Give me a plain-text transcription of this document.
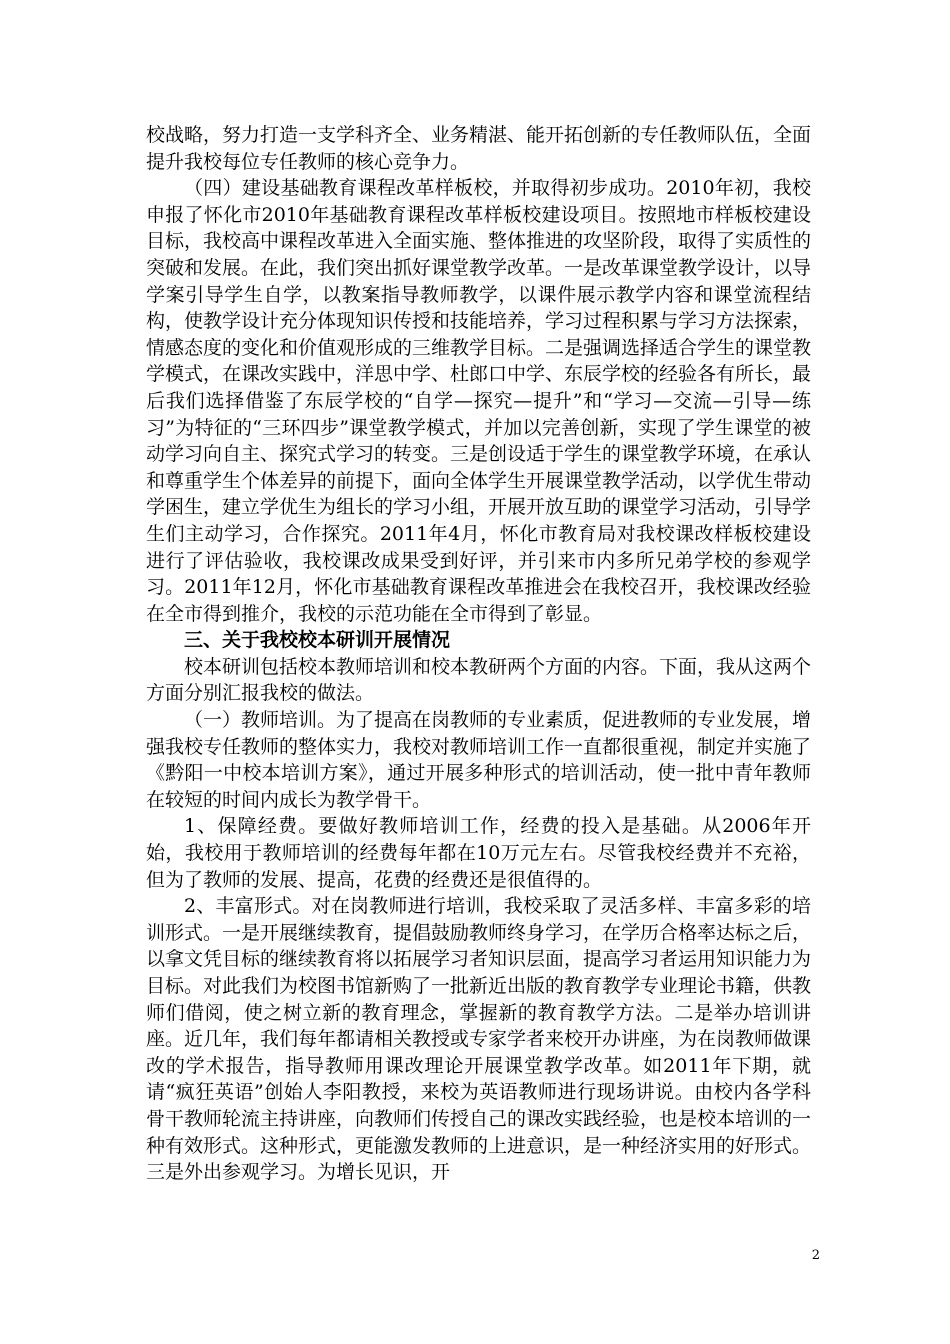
校战略，努力打造一支学科齐全、业务精湛、能开拓创新的专任教师队伍，全面提升我校每位专任教师的核心竞争力。

（四）建设基础教育课程改革样板校，并取得初步成功。2010年初，我校申报了怀化市2010年基础教育课程改革样板校建设项目。按照地市样板校建设目标，我校高中课程改革进入全面实施、整体推进的攻坚阶段，取得了实质性的突破和发展。在此，我们突出抓好课堂教学改革。一是改革课堂教学设计，以导学案引导学生自学，以教案指导教师教学，以课件展示教学内容和课堂流程结构，使教学设计充分体现知识传授和技能培养，学习过程积累与学习方法探索，情感态度的变化和价值观形成的三维教学目标。二是强调选择适合学生的课堂教学模式，在课改实践中，洋思中学、杜郎口中学、东辰学校的经验各有所长，最后我们选择借鉴了东辰学校的“自学—探究—提升”和“学习—交流—引导—练习”为特征的“三环四步”课堂教学模式，并加以完善创新，实现了学生课堂的被动学习向自主、探究式学习的转变。三是创设适于学生的课堂教学环境，在承认和尊重学生个体差异的前提下，面向全体学生开展课堂教学活动，以学优生带动学困生，建立学优生为组长的学习小组，开展开放互助的课堂学习活动，引导学生们主动学习，合作探究。2011年4月，怀化市教育局对我校课改样板校建设进行了评估验收，我校课改成果受到好评，并引来市内多所兄弟学校的参观学习。2011年12月，怀化市基础教育课程改革推进会在我校召开，我校课改经验在全市得到推介，我校的示范功能在全市得到了彰显。

三、关于我校校本研训开展情况

校本研训包括校本教师培训和校本教研两个方面的内容。下面，我从这两个方面分别汇报我校的做法。

（一）教师培训。为了提高在岗教师的专业素质，促进教师的专业发展，增强我校专任教师的整体实力，我校对教师培训工作一直都很重视，制定并实施了《黔阳一中校本培训方案》，通过开展多种形式的培训活动，使一批中青年教师在较短的时间内成长为教学骨干。

1、保障经费。要做好教师培训工作，经费的投入是基础。从2006年开始，我校用于教师培训的经费每年都在10万元左右。尽管我校经费并不充裕，但为了教师的发展、提高，花费的经费还是很值得的。

2、丰富形式。对在岗教师进行培训，我校采取了灵活多样、丰富多彩的培训形式。一是开展继续教育，提倡鼓励教师终身学习，在学历合格率达标之后，以拿文凭目标的继续教育将以拓展学习者知识层面，提高学习者运用知识能力为目标。对此我们为校图书馆新购了一批新近出版的教育教学专业理论书籍，供教师们借阅，使之树立新的教育理念，掌握新的教育教学方法。二是举办培训讲座。近几年，我们每年都请相关教授或专家学者来校开办讲座，为在岗教师做课改的学术报告，指导教师用课改理论开展课堂教学改革。如2011年下期，就请“疯狂英语”创始人李阳教授，来校为英语教师进行现场讲说。由校内各学科骨干教师轮流主持讲座，向教师们传授自己的课改实践经验，也是校本培训的一种有效形式。这种形式，更能激发教师的上进意识，是一种经济实用的好形式。三是外出参观学习。为增长见识，开

2
